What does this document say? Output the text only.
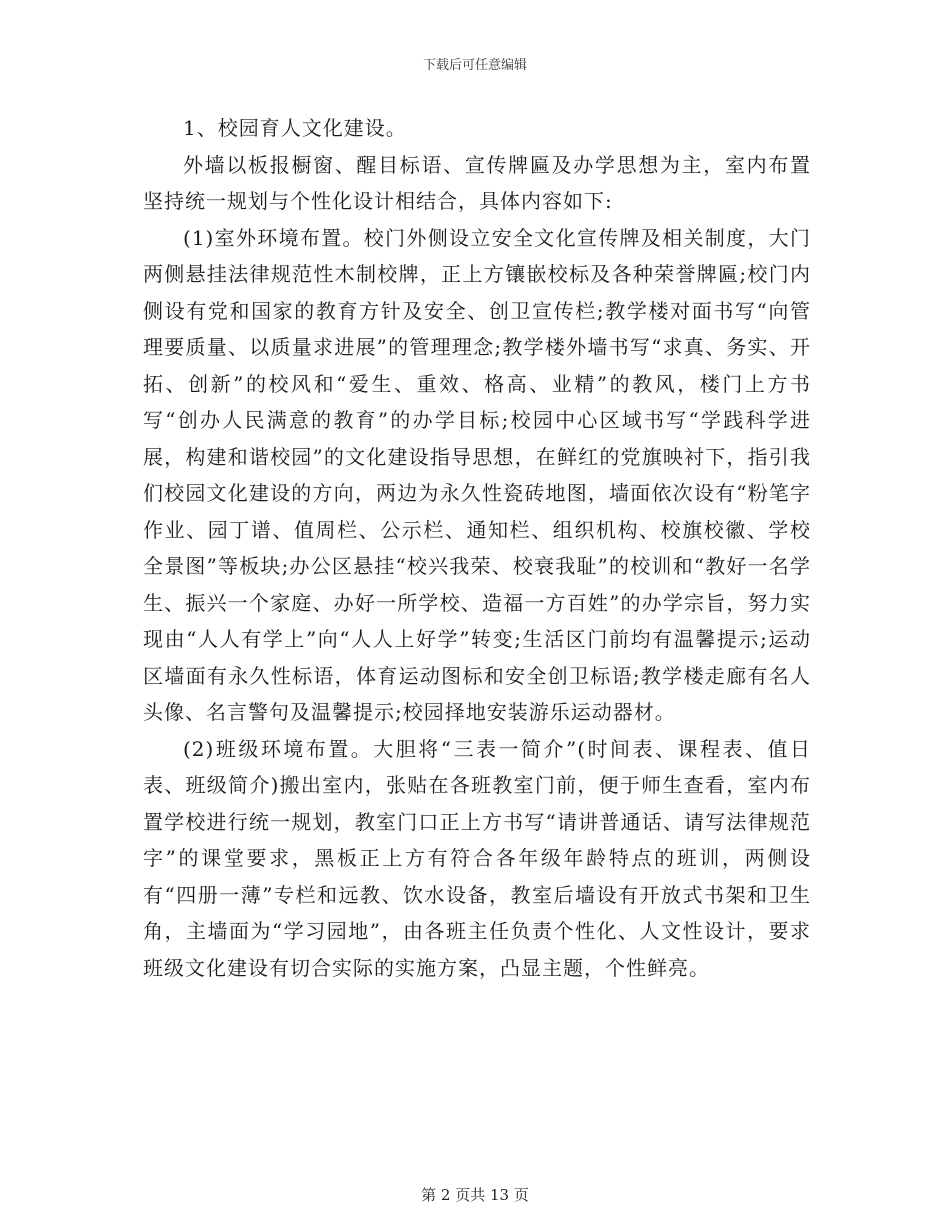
下载后可任意编辑

1、校园育人文化建设。

外墙以板报橱窗、醒目标语、宣传牌匾及办学思想为主，室内布置坚持统一规划与个性化设计相结合，具体内容如下:

(1)室外环境布置。校门外侧设立安全文化宣传牌及相关制度，大门两侧悬挂法律规范性木制校牌，正上方镶嵌校标及各种荣誉牌匾;校门内侧设有党和国家的教育方针及安全、创卫宣传栏;教学楼对面书写“向管理要质量、以质量求进展”的管理理念;教学楼外墙书写“求真、务实、开拓、创新”的校风和“爱生、重效、格高、业精”的教风，楼门上方书写“创办人民满意的教育”的办学目标;校园中心区域书写“学践科学进展，构建和谐校园”的文化建设指导思想，在鲜红的党旗映衬下，指引我们校园文化建设的方向，两边为永久性瓷砖地图，墙面依次设有“粉笔字作业、园丁谱、值周栏、公示栏、通知栏、组织机构、校旗校徽、学校全景图”等板块;办公区悬挂“校兴我荣、校衰我耻”的校训和“教好一名学生、振兴一个家庭、办好一所学校、造福一方百姓”的办学宗旨，努力实现由“人人有学上”向“人人上好学”转变;生活区门前均有温馨提示;运动区墙面有永久性标语，体育运动图标和安全创卫标语;教学楼走廊有名人头像、名言警句及温馨提示;校园择地安装游乐运动器材。

(2)班级环境布置。大胆将“三表一简介”(时间表、课程表、值日表、班级简介)搬出室内，张贴在各班教室门前，便于师生查看，室内布置学校进行统一规划，教室门口正上方书写“请讲普通话、请写法律规范字”的课堂要求，黑板正上方有符合各年级年龄特点的班训，两侧设有“四册一薄”专栏和远教、饮水设备，教室后墙设有开放式书架和卫生角，主墙面为“学习园地”，由各班主任负责个性化、人文性设计，要求班级文化建设有切合实际的实施方案，凸显主题，个性鲜亮。

第 2 页共 13 页
